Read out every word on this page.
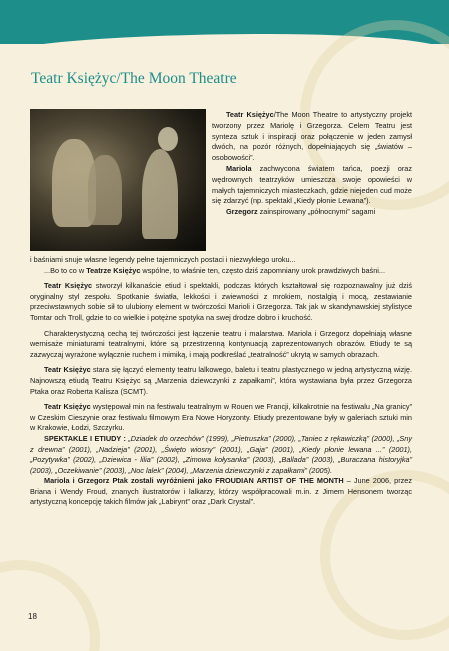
Teatr Księżyc/The Moon Theatre

Teatr Księżyc/The Moon Theatre to artystyczny projekt tworzony przez Mariolę i Grzegorza. Celem Teatru jest synteza sztuk i inspiracji oraz połączenie w jeden zamysł dwóch, na pozór różnych, dopełniających się „światów – osobowości”.

Mariola zachwycona światem tańca, poezji oraz wędrownych teatrzyków umieszcza swoje opowieści w małych tajemniczych miasteczkach, gdzie niejeden cud może się zdarzyć (np. spektakl „Kiedy płonie Lewana”).

Grzegorz zainspirowany „północnymi” sagami

i baśniami snuje własne legendy pełne tajemniczych postaci i niezwykłego uroku...

...Bo to co w Teatrze Księżyc wspólne, to właśnie ten, często dziś zapomniany urok prawdziwych baśni...

Teatr Księżyc stworzył kilkanaście etiud i spektakli, podczas których kształtował się rozpoznawalny już dziś oryginalny styl zespołu. Spotkanie światła, lekkości i zwiewności z mrokiem, nostalgią i mocą, zestawianie przeciwstawnych sobie sił to ulubiony element w twórczości Marioli i Grzegorza. Tak jak w skandynawskiej stylistyce Tomtar och Troll, gdzie to co wielkie i potężne spotyka na swej drodze dobro i kruchość.

Charakterystyczną cechą tej twórczości jest łączenie teatru i malarstwa. Mariola i Grzegorz dopełniają własne wernisaże miniaturami teatralnymi, które są przestrzenną kontynuacją zaprezentowanych obrazów. Etiudy te są zazwyczaj wyrażone wyłącznie ruchem i mimiką, i mają podkreślać „teatralność” ukrytą w samych obrazach.

Teatr Księżyc stara się łączyć elementy teatru lalkowego, baletu i teatru plastycznego w jedną artystyczną wizję. Najnowszą etiudą Teatru Księżyc są „Marzenia dziewczynki z zapałkami”, która wystawiana była przez Grzegorza Ptaka oraz Roberta Kalisza (SCMT).

Teatr Księżyc występował min na festiwalu teatralnym w Rouen we Francji, kilkakrotnie na festiwalu „Na granicy” w Czeskim Cieszynie oraz festiwalu filmowym Era Nowe Horyzonty. Etiudy prezentowane były w galeriach sztuki min w Krakowie, Łodzi, Szczyrku.

SPEKTAKLE I ETIUDY : „Dziadek do orzechów” (1999), „Pietruszka” (2000), „Taniec z rękawiczką” (2000), „Sny z drewna” (2001), „Nadzieja” (2001), „Święto wiosny” (2001), „Gaja” (2001), „Kiedy płonie lewana ...” (2001), „Pozytywka” (2002), „Dziewica - lilia” (2002), „Zimowa kołysanka” (2003), „Ballada” (2003), „Buraczana historyjka” (2003), „Oczekiwanie” (2003), „Noc lalek” (2004), „Marzenia dziewczynki z zapałkami” (2005).

Mariola i Grzegorz Ptak zostali wyróżnieni jako FROUDIAN ARTIST OF THE MONTH – June 2006, przez Briana i Wendy Froud, znanych ilustratorów i lalkarzy, którzy współpracowali m.in. z Jimem Hensonem tworząc artystyczną koncepcję takich filmów jak „Labirynt” oraz „Dark Crystal”.

18
